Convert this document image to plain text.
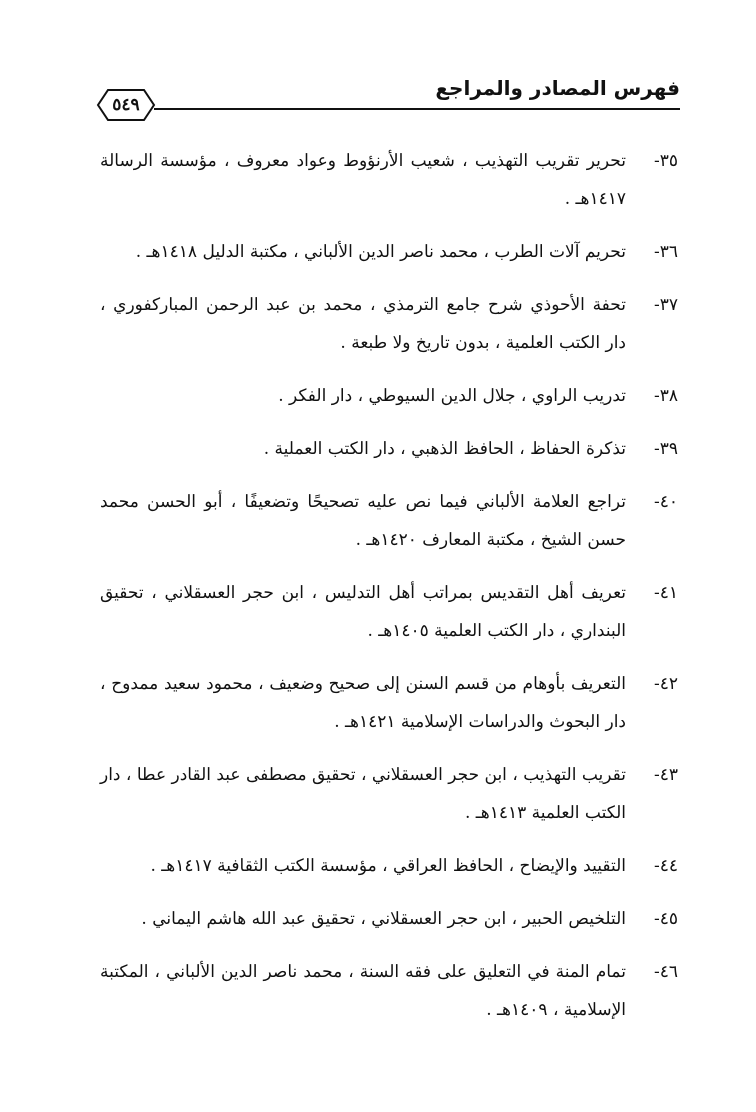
فهرس المصادر والمراجع
٥٤٩
٣٥-
تحرير تقريب التهذيب ، شعيب الأرنؤوط وعواد معروف ، مؤسسة الرسالة ١٤١٧هـ .
٣٦-
تحريم آلات الطرب ، محمد ناصر الدين الألباني ، مكتبة الدليل ١٤١٨هـ .
٣٧-
تحفة الأحوذي شرح جامع الترمذي ، محمد بن عبد الرحمن المباركفوري ، دار الكتب العلمية ، بدون تاريخ ولا طبعة .
٣٨-
تدريب الراوي ، جلال الدين السيوطي ، دار الفكر .
٣٩-
تذكرة الحفاظ ، الحافظ الذهبي ، دار الكتب العملية .
٤٠-
تراجع العلامة الألباني فيما نص عليه تصحيحًا وتضعيفًا ، أبو الحسن محمد حسن الشيخ ، مكتبة المعارف ١٤٢٠هـ .
٤١-
تعريف أهل التقديس بمراتب أهل التدليس ، ابن حجر العسقلاني ، تحقيق البنداري ، دار الكتب العلمية ١٤٠٥هـ .
٤٢-
التعريف بأوهام من قسم السنن إلى صحيح وضعيف ، محمود سعيد ممدوح ، دار البحوث والدراسات الإسلامية ١٤٢١هـ .
٤٣-
تقريب التهذيب ، ابن حجر العسقلاني ، تحقيق مصطفى عبد القادر عطا ، دار الكتب العلمية ١٤١٣هـ .
٤٤-
التقييد والإيضاح ، الحافظ العراقي ، مؤسسة الكتب الثقافية ١٤١٧هـ .
٤٥-
التلخيص الحبير ، ابن حجر العسقلاني ، تحقيق عبد الله هاشم اليماني .
٤٦-
تمام المنة في التعليق على فقه السنة ، محمد ناصر الدين الألباني ، المكتبة الإسلامية ، ١٤٠٩هـ .
